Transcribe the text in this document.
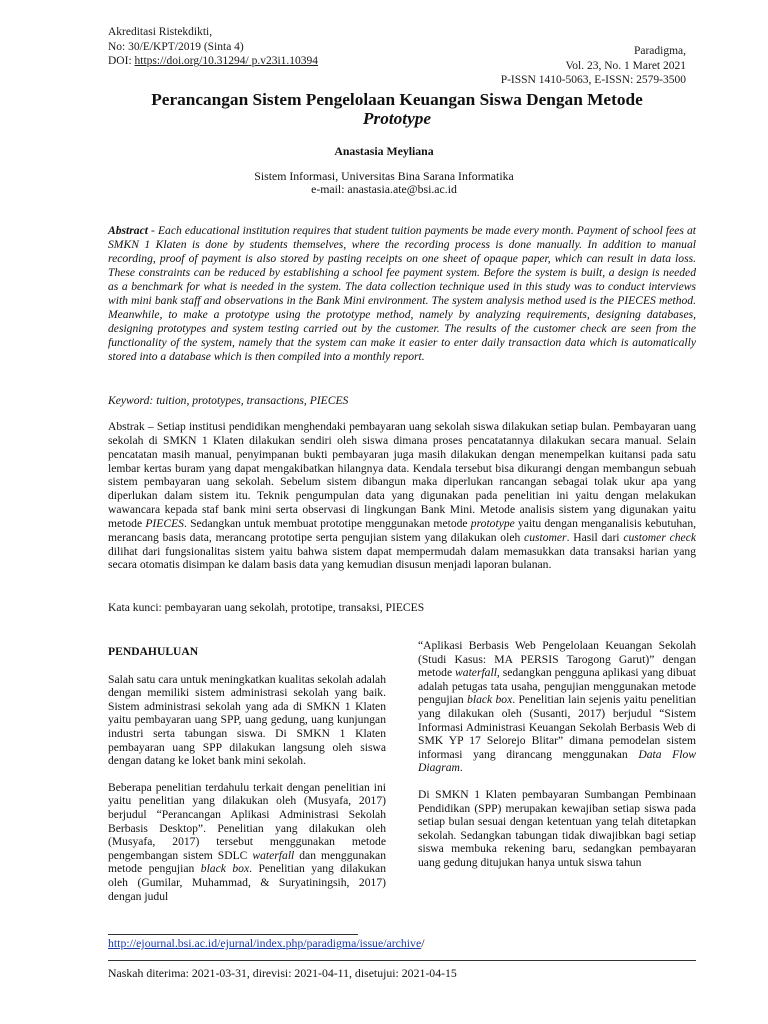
Akreditasi Ristekdikti,
No: 30/E/KPT/2019 (Sinta 4)
DOI: https://doi.org/10.31294/ p.v23i1.10394
Paradigma,
Vol. 23, No. 1 Maret 2021
P-ISSN 1410-5063, E-ISSN: 2579-3500
Perancangan Sistem Pengelolaan Keuangan Siswa Dengan Metode
Prototype
Anastasia Meyliana
Sistem Informasi, Universitas Bina Sarana Informatika
e-mail: anastasia.ate@bsi.ac.id
Abstract - Each educational institution requires that student tuition payments be made every month. Payment of school fees at SMKN 1 Klaten is done by students themselves, where the recording process is done manually. In addition to manual recording, proof of payment is also stored by pasting receipts on one sheet of opaque paper, which can result in data loss. These constraints can be reduced by establishing a school fee payment system. Before the system is built, a design is needed as a benchmark for what is needed in the system. The data collection technique used in this study was to conduct interviews with mini bank staff and observations in the Bank Mini environment. The system analysis method used is the PIECES method. Meanwhile, to make a prototype using the prototype method, namely by analyzing requirements, designing databases, designing prototypes and system testing carried out by the customer. The results of the customer check are seen from the functionality of the system, namely that the system can make it easier to enter daily transaction data which is automatically stored into a database which is then compiled into a monthly report.
Keyword: tuition, prototypes, transactions, PIECES
Abstrak – Setiap institusi pendidikan menghendaki pembayaran uang sekolah siswa dilakukan setiap bulan. Pembayaran uang sekolah di SMKN 1 Klaten dilakukan sendiri oleh siswa dimana proses pencatatannya dilakukan secara manual. Selain pencatatan masih manual, penyimpanan bukti pembayaran juga masih dilakukan dengan menempelkan kuitansi pada satu lembar kertas buram yang dapat mengakibatkan hilangnya data. Kendala tersebut bisa dikurangi dengan membangun sebuah sistem pembayaran uang sekolah. Sebelum sistem dibangun maka diperlukan rancangan sebagai tolak ukur apa yang diperlukan dalam sistem itu. Teknik pengumpulan data yang digunakan pada penelitian ini yaitu dengan melakukan wawancara kepada staf bank mini serta observasi di lingkungan Bank Mini. Metode analisis sistem yang digunakan yaitu metode PIECES. Sedangkan untuk membuat prototipe menggunakan metode prototype yaitu dengan menganalisis kebutuhan, merancang basis data, merancang prototipe serta pengujian sistem yang dilakukan oleh customer. Hasil dari customer check dilihat dari fungsionalitas sistem yaitu bahwa sistem dapat mempermudah dalam memasukkan data transaksi harian yang secara otomatis disimpan ke dalam basis data yang kemudian disusun menjadi laporan bulanan.
Kata kunci: pembayaran uang sekolah, prototipe, transaksi, PIECES

PENDAHULUAN

Salah satu cara untuk meningkatkan kualitas sekolah adalah dengan memiliki sistem administrasi sekolah yang baik. Sistem administrasi sekolah yang ada di SMKN 1 Klaten yaitu pembayaran uang SPP, uang gedung, uang kunjungan industri serta tabungan siswa. Di SMKN 1 Klaten pembayaran uang SPP dilakukan langsung oleh siswa dengan datang ke loket bank mini sekolah.

Beberapa penelitian terdahulu terkait dengan penelitian ini yaitu penelitian yang dilakukan oleh (Musyafa, 2017) berjudul “Perancangan Aplikasi Administrasi Sekolah Berbasis Desktop”. Penelitian yang dilakukan oleh (Musyafa, 2017) tersebut menggunakan metode pengembangan sistem SDLC waterfall dan menggunakan metode pengujian black box. Penelitian yang dilakukan oleh (Gumilar, Muhammad, & Suryatiningsih, 2017) dengan judul

“Aplikasi Berbasis Web Pengelolaan Keuangan Sekolah (Studi Kasus: MA PERSIS Tarogong Garut)” dengan metode waterfall, sedangkan pengguna aplikasi yang dibuat adalah petugas tata usaha, pengujian menggunakan metode pengujian black box. Penelitian lain sejenis yaitu penelitian yang dilakukan oleh (Susanti, 2017) berjudul “Sistem Informasi Administrasi Keuangan Sekolah Berbasis Web di SMK YP 17 Selorejo Blitar” dimana pemodelan sistem informasi yang dirancang menggunakan Data Flow Diagram.

Di SMKN 1 Klaten pembayaran Sumbangan Pembinaan Pendidikan (SPP) merupakan kewajiban setiap siswa pada setiap bulan sesuai dengan ketentuan yang telah ditetapkan sekolah. Sedangkan tabungan tidak diwajibkan bagi setiap siswa membuka rekening baru, sedangkan pembayaran uang gedung ditujukan hanya untuk siswa tahun

http://ejournal.bsi.ac.id/ejurnal/index.php/paradigma/issue/archive/
Naskah diterima: 2021-03-31, direvisi: 2021-04-11, disetujui: 2021-04-15
